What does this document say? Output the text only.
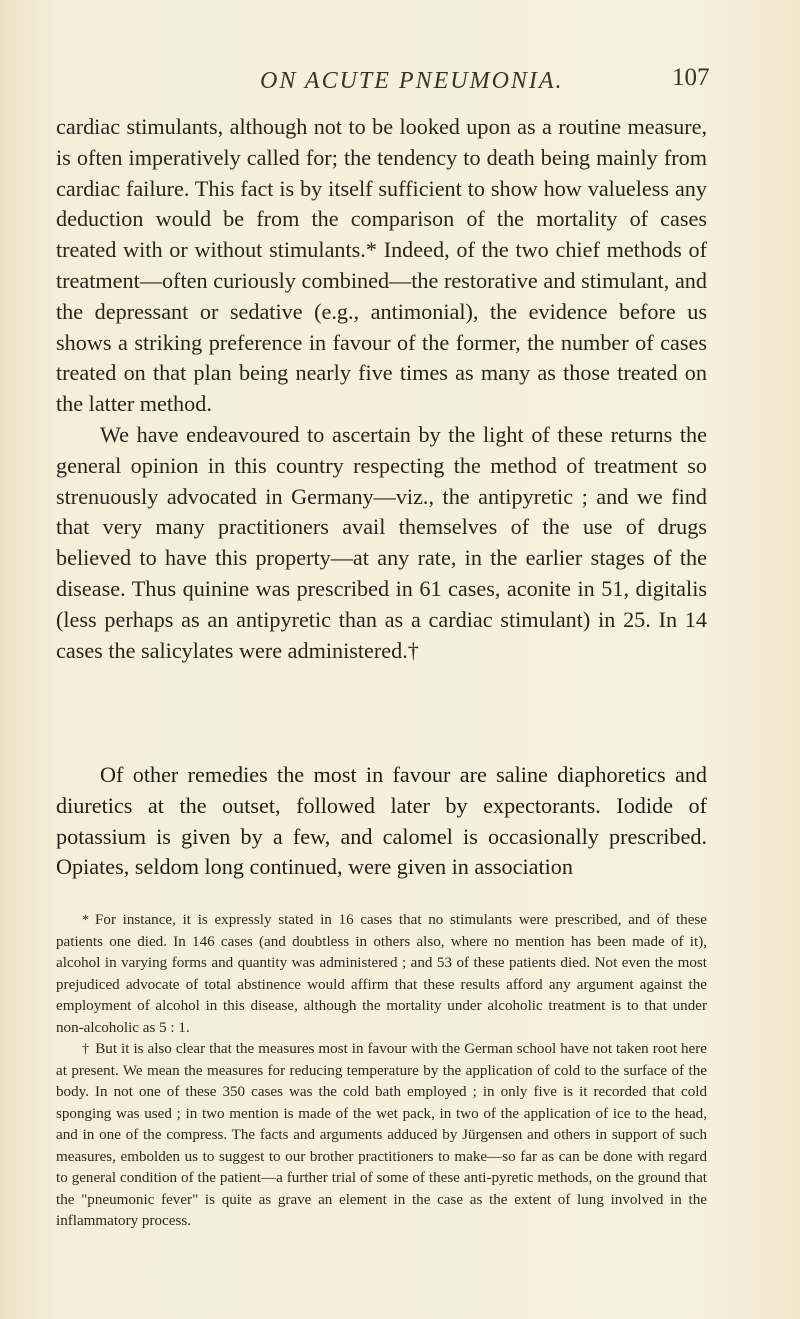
ON ACUTE PNEUMONIA.	107

cardiac stimulants, although not to be looked upon as a routine measure, is often imperatively called for; the tendency to death being mainly from cardiac failure. This fact is by itself sufficient to show how valueless any deduction would be from the comparison of the mortality of cases treated with or without stimulants.* Indeed, of the two chief methods of treatment—often curiously combined—the restorative and stimulant, and the depressant or sedative (e.g., antimonial), the evidence before us shows a striking preference in favour of the former, the number of cases treated on that plan being nearly five times as many as those treated on the latter method.

We have endeavoured to ascertain by the light of these returns the general opinion in this country respecting the method of treatment so strenuously advocated in Germany—viz., the antipyretic ; and we find that very many practitioners avail themselves of the use of drugs believed to have this property—at any rate, in the earlier stages of the disease. Thus quinine was prescribed in 61 cases, aconite in 51, digitalis (less perhaps as an antipyretic than as a cardiac stimulant) in 25. In 14 cases the salicylates were administered.†

Of other remedies the most in favour are saline diaphoretics and diuretics at the outset, followed later by expectorants. Iodide of potassium is given by a few, and calomel is occasionally prescribed. Opiates, seldom long continued, were given in association

* For instance, it is expressly stated in 16 cases that no stimulants were prescribed, and of these patients one died. In 146 cases (and doubtless in others also, where no mention has been made of it), alcohol in varying forms and quantity was administered ; and 53 of these patients died. Not even the most prejudiced advocate of total abstinence would affirm that these results afford any argument against the employment of alcohol in this disease, although the mortality under alcoholic treatment is to that under non-alcoholic as 5 : 1.

† But it is also clear that the measures most in favour with the German school have not taken root here at present. We mean the measures for reducing temperature by the application of cold to the surface of the body. In not one of these 350 cases was the cold bath employed ; in only five is it recorded that cold sponging was used ; in two mention is made of the wet pack, in two of the application of ice to the head, and in one of the compress. The facts and arguments adduced by Jürgensen and others in support of such measures, embolden us to suggest to our brother practitioners to make—so far as can be done with regard to general condition of the patient—a further trial of some of these anti-pyretic methods, on the ground that the "pneumonic fever" is quite as grave an element in the case as the extent of lung involved in the inflammatory process.
